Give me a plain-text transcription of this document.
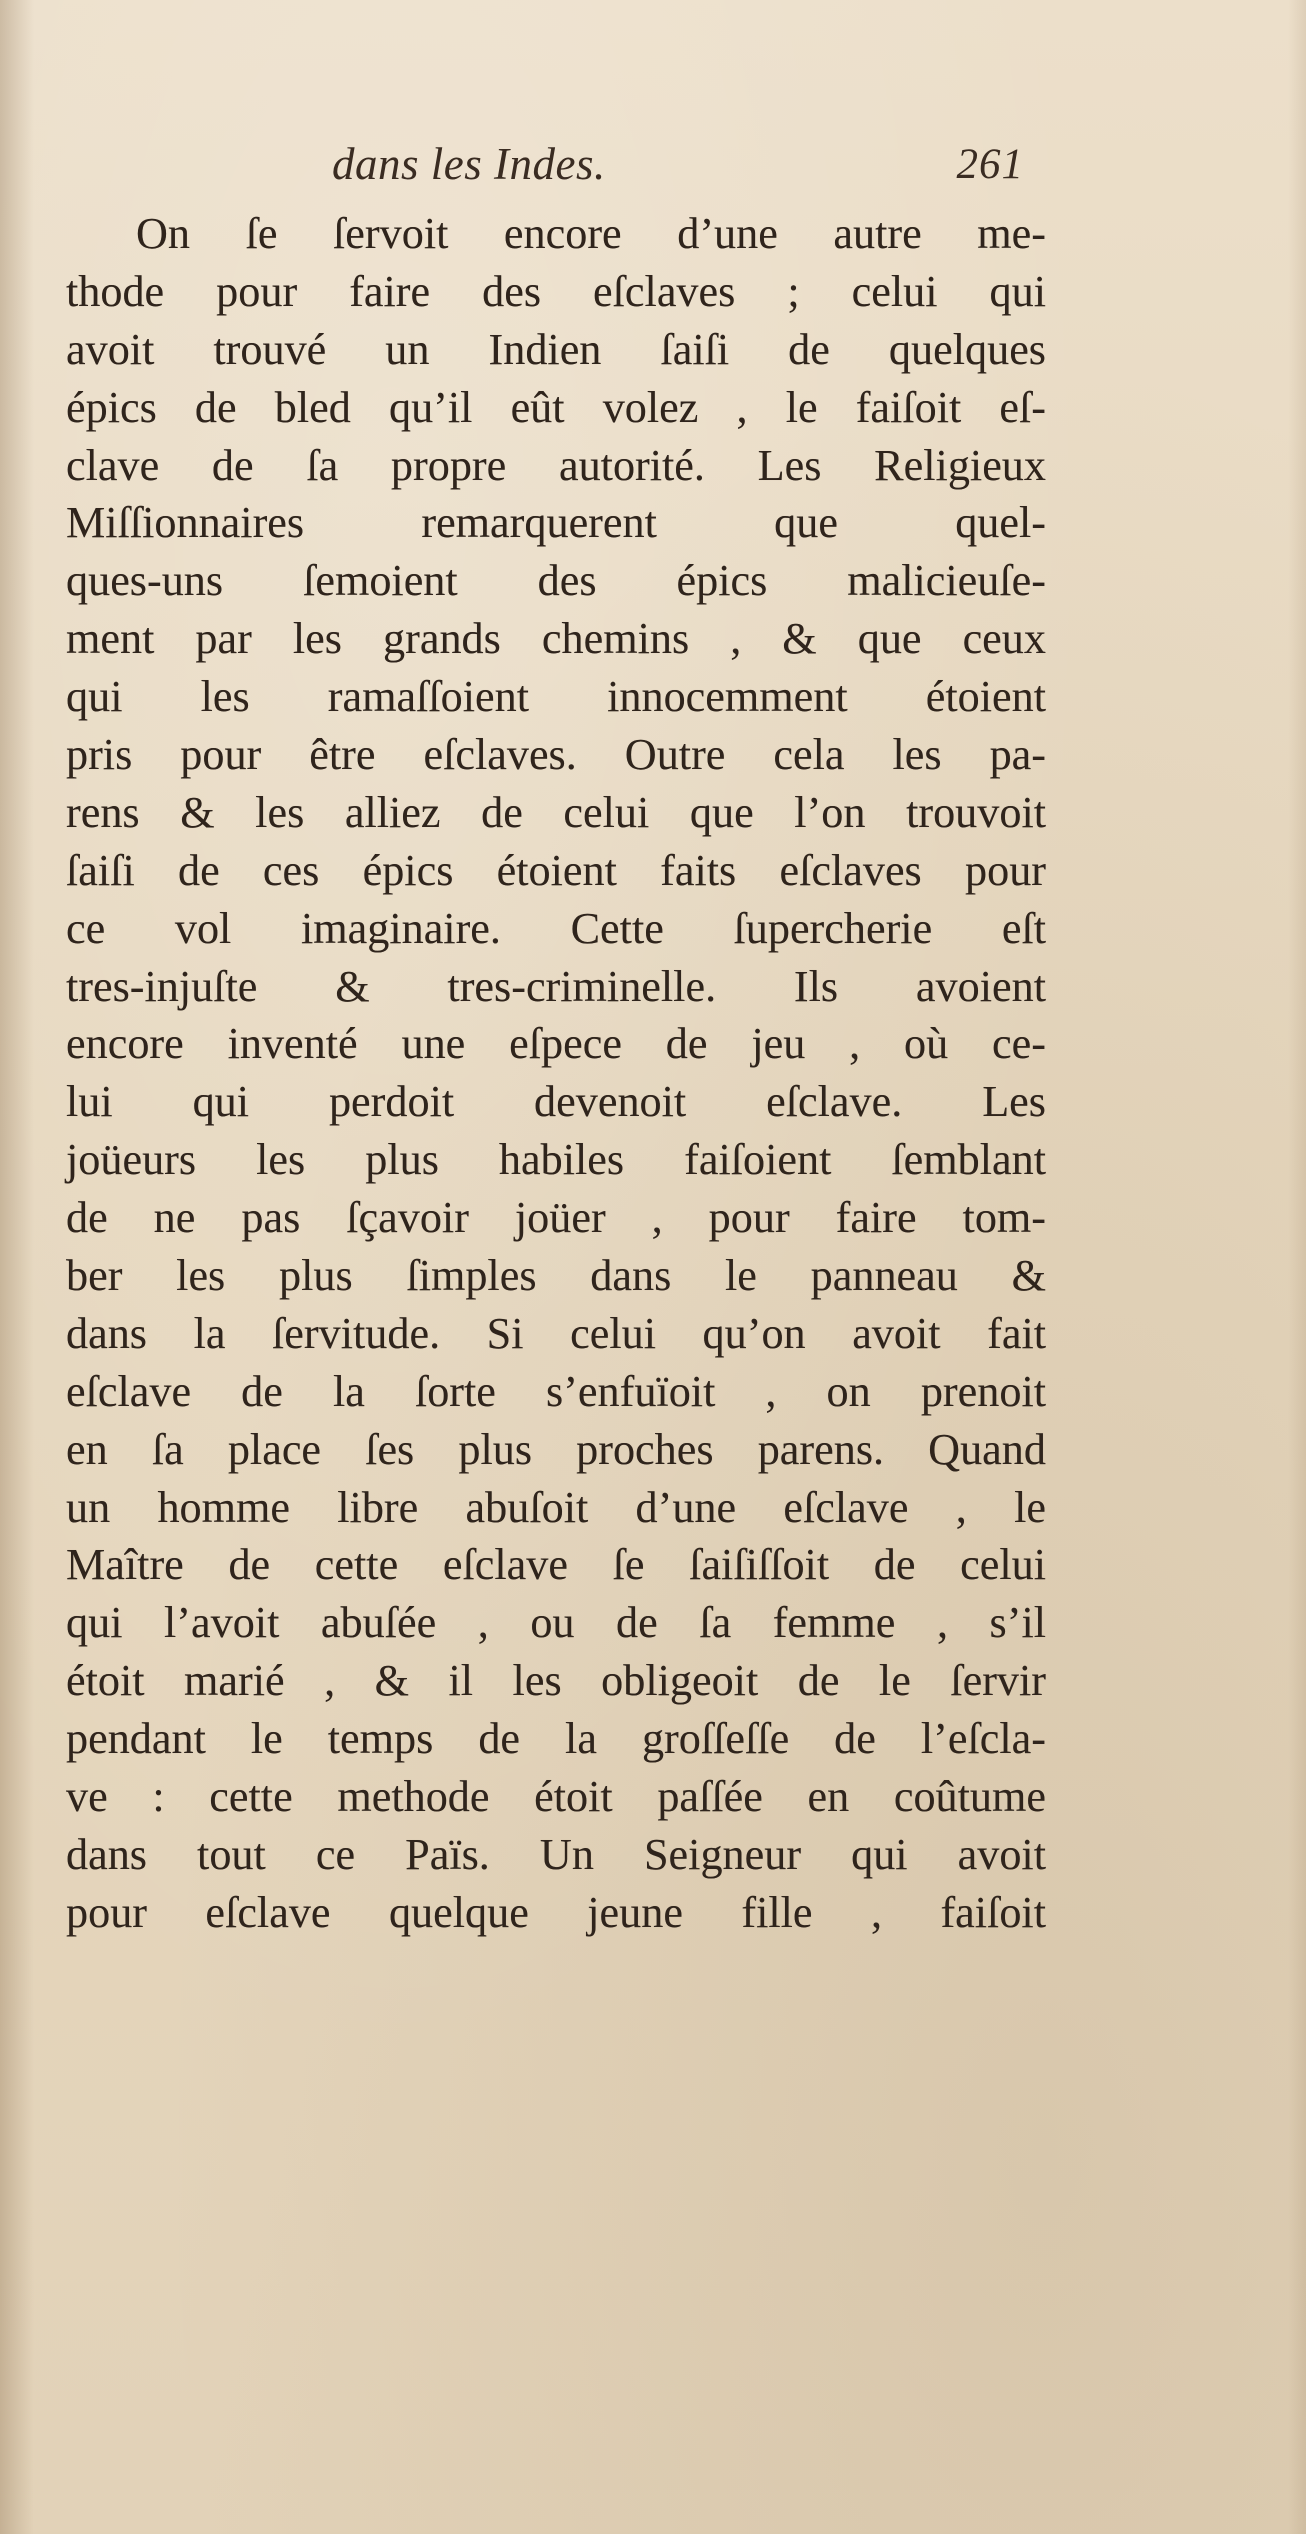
dans les Indes.	261
On ſe ſervoit encore d’une autre me-
thode pour faire des eſclaves ; celui qui
avoit trouvé un Indien ſaiſi de quelques
épics de bled qu’il eût volez , le faiſoit eſ-
clave de ſa propre autorité. Les Religieux
Miſſionnaires remarquerent que quel-
ques-uns ſemoient des épics malicieuſe-
ment par les grands chemins , & que ceux
qui les ramaſſoient innocemment étoient
pris pour être eſclaves. Outre cela les pa-
rens & les alliez de celui que l’on trouvoit
ſaiſi de ces épics étoient faits eſclaves pour
ce vol imaginaire. Cette ſupercherie eſt
tres-injuſte & tres-criminelle. Ils avoient
encore inventé une eſpece de jeu , où ce-
lui qui perdoit devenoit eſclave. Les
joüeurs les plus habiles faiſoient ſemblant
de ne pas ſçavoir joüer , pour faire tom-
ber les plus ſimples dans le panneau &
dans la ſervitude. Si celui qu’on avoit fait
eſclave de la ſorte s’enfuïoit , on prenoit
en ſa place ſes plus proches parens. Quand
un homme libre abuſoit d’une eſclave , le
Maître de cette eſclave ſe ſaiſiſſoit de celui
qui l’avoit abuſée , ou de ſa femme , s’il
étoit marié , & il les obligeoit de le ſervir
pendant le temps de la groſſeſſe de l’eſcla-
ve : cette methode étoit paſſée en coûtume
dans tout ce Païs. Un Seigneur qui avoit
pour eſclave quelque jeune fille , faiſoit
